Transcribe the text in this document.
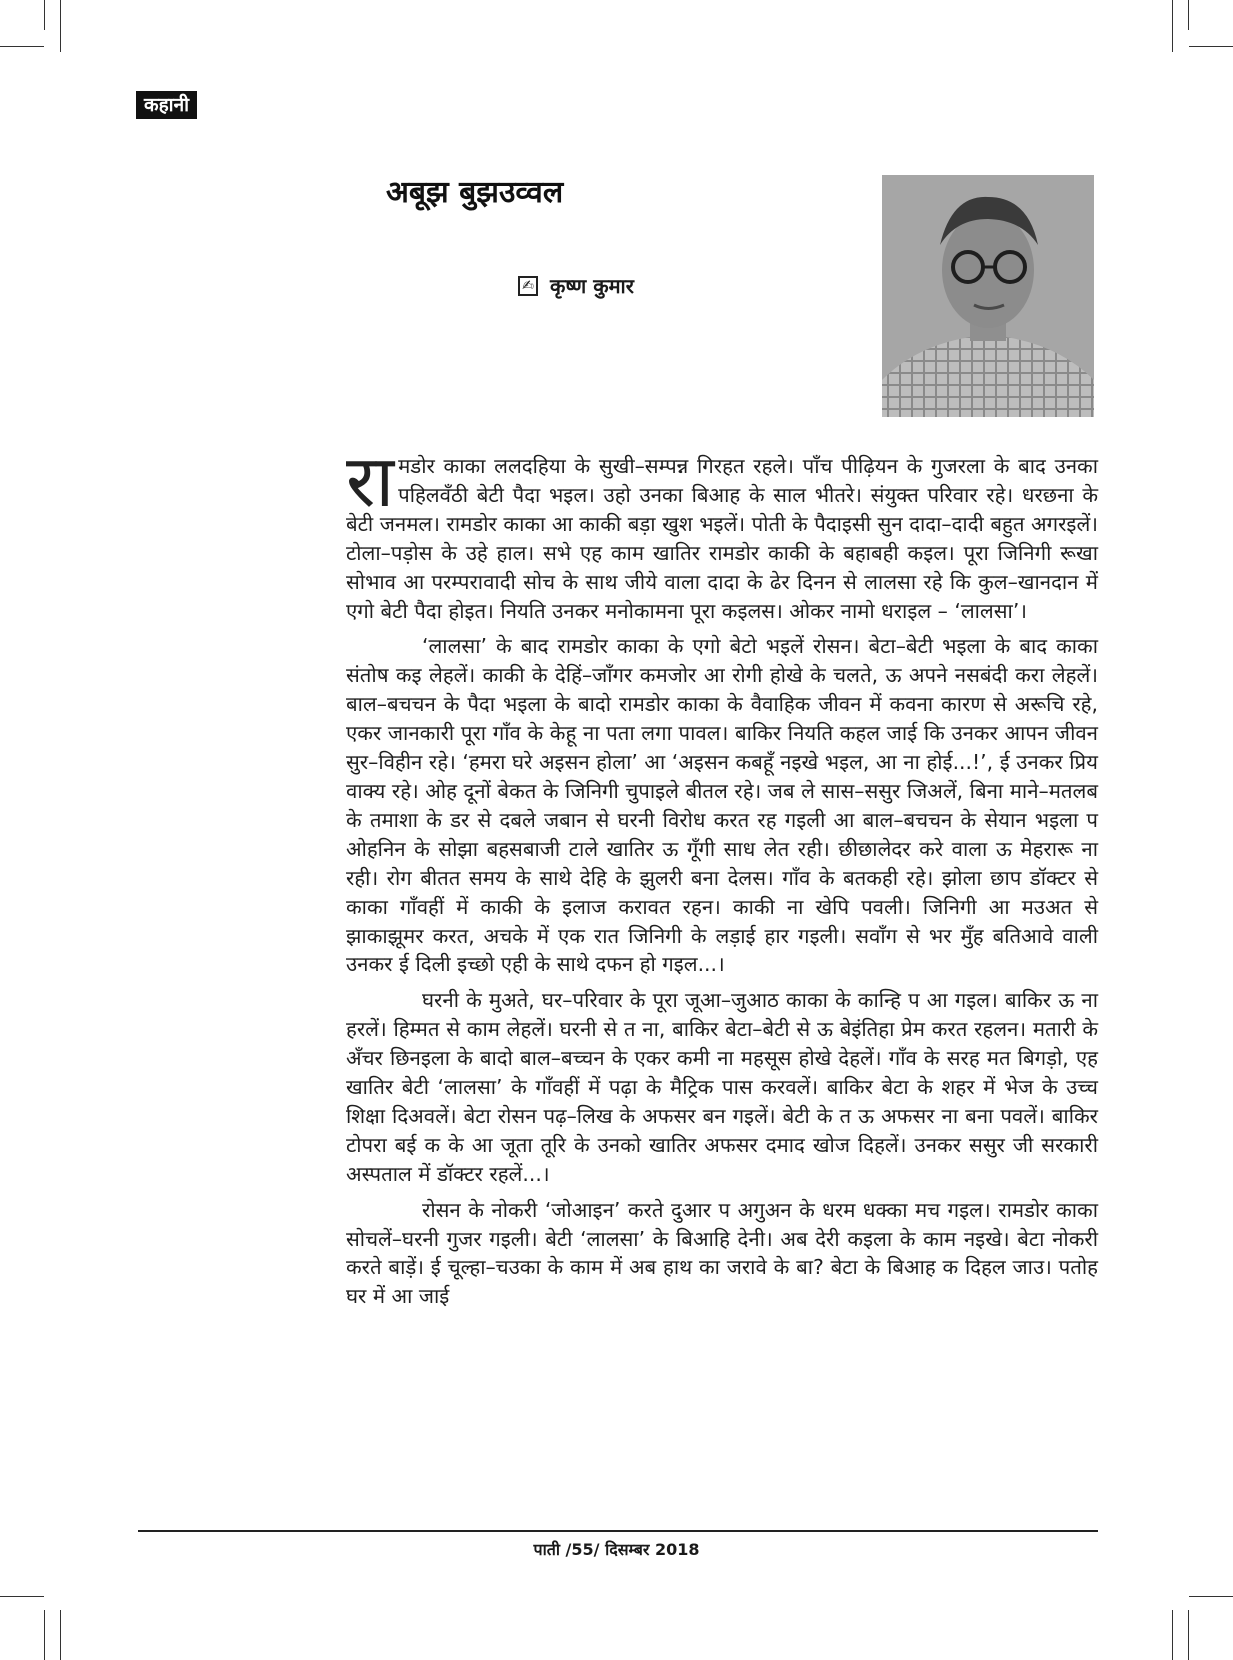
कहानी
अबूझ बुझउव्वल
✍ कृष्ण कुमार

रा मडोर काका ललदहिया के सुखी–सम्पन्न गिरहत रहले। पाँच पीढ़ियन के गुजरला के बाद उनका पहिलवँठी बेटी पैदा भइल। उहो उनका बिआह के साल भीतरे। संयुक्त परिवार रहे। धरछना के बेटी जनमल। रामडोर काका आ काकी बड़ा खुश भइलें। पोती के पैदाइसी सुन दादा–दादी बहुत अगरइलें। टोला–पड़ोस के उहे हाल। सभे एह काम खातिर रामडोर काकी के बहाबही कइल। पूरा जिनिगी रूखा सोभाव आ परम्परावादी सोच के साथ जीये वाला दादा के ढेर दिनन से लालसा रहे कि कुल–खानदान में एगो बेटी पैदा होइत। नियति उनकर मनोकामना पूरा कइलस। ओकर नामो धराइल – ‘लालसा’।

‘लालसा’ के बाद रामडोर काका के एगो बेटो भइलें रोसन। बेटा–बेटी भइला के बाद काका संतोष कइ लेहलें। काकी के देहिं–जाँगर कमजोर आ रोगी होखे के चलते, ऊ अपने नसबंदी करा लेहलें। बाल–बचचन के पैदा भइला के बादो रामडोर काका के वैवाहिक जीवन में कवना कारण से अरूचि रहे, एकर जानकारी पूरा गाँव के केहू ना पता लगा पावल। बाकिर नियति कहल जाई कि उनकर आपन जीवन सुर–विहीन रहे। ‘हमरा घरे अइसन होला’ आ ‘अइसन कबहूँ नइखे भइल, आ ना होई...!’, ई उनकर प्रिय वाक्य रहे। ओह दूनों बेकत के जिनिगी चुपाइले बीतल रहे। जब ले सास–ससुर जिअलें, बिना माने–मतलब के तमाशा के डर से दबले जबान से घरनी विरोध करत रह गइली आ बाल–बचचन के सेयान भइला प ओहनिन के सोझा बहसबाजी टाले खातिर ऊ गूँगी साध लेत रही। छीछालेदर करे वाला ऊ मेहरारू ना रही। रोग बीतत समय के साथे देहि के झुलरी बना देलस। गाँव के बतकही रहे। झोला छाप डॉक्टर से काका गाँवहीं में काकी के इलाज करावत रहन। काकी ना खेपि पवली। जिनिगी आ मउअत से झाकाझूमर करत, अचके में एक रात जिनिगी के लड़ाई हार गइली। सवाँग से भर मुँह बतिआवे वाली उनकर ई दिली इच्छो एही के साथे दफन हो गइल...।

घरनी के मुअते, घर–परिवार के पूरा जूआ–जुआठ काका के कान्हि प आ गइल। बाकिर ऊ ना हरलें। हिम्मत से काम लेहलें। घरनी से त ना, बाकिर बेटा–बेटी से ऊ बेइंतिहा प्रेम करत रहलन। मतारी के अँचर छिनइला के बादो बाल–बच्चन के एकर कमी ना महसूस होखे देहलें। गाँव के सरह मत बिगड़ो, एह खातिर बेटी ‘लालसा’ के गाँवहीं में पढ़ा के मैट्रिक पास करवलें। बाकिर बेटा के शहर में भेज के उच्च शिक्षा दिअवलें। बेटा रोसन पढ़–लिख के अफसर बन गइलें। बेटी के त ऊ अफसर ना बना पवलें। बाकिर टोपरा बई क के आ जूता तूरि के उनको खातिर अफसर दमाद खोज दिहलें। उनकर ससुर जी सरकारी अस्पताल में डॉक्टर रहलें...।

रोसन के नोकरी ‘जोआइन’ करते दुआर प अगुअन के धरम धक्का मच गइल। रामडोर काका सोचलें–घरनी गुजर गइली। बेटी ‘लालसा’ के बिआहि देनी। अब देरी कइला के काम नइखे। बेटा नोकरी करते बाड़ें। ई चूल्हा–चउका के काम में अब हाथ का जरावे के बा? बेटा के बिआह क दिहल जाउ। पतोह घर में आ जाई

पाती /55/ दिसम्बर 2018
